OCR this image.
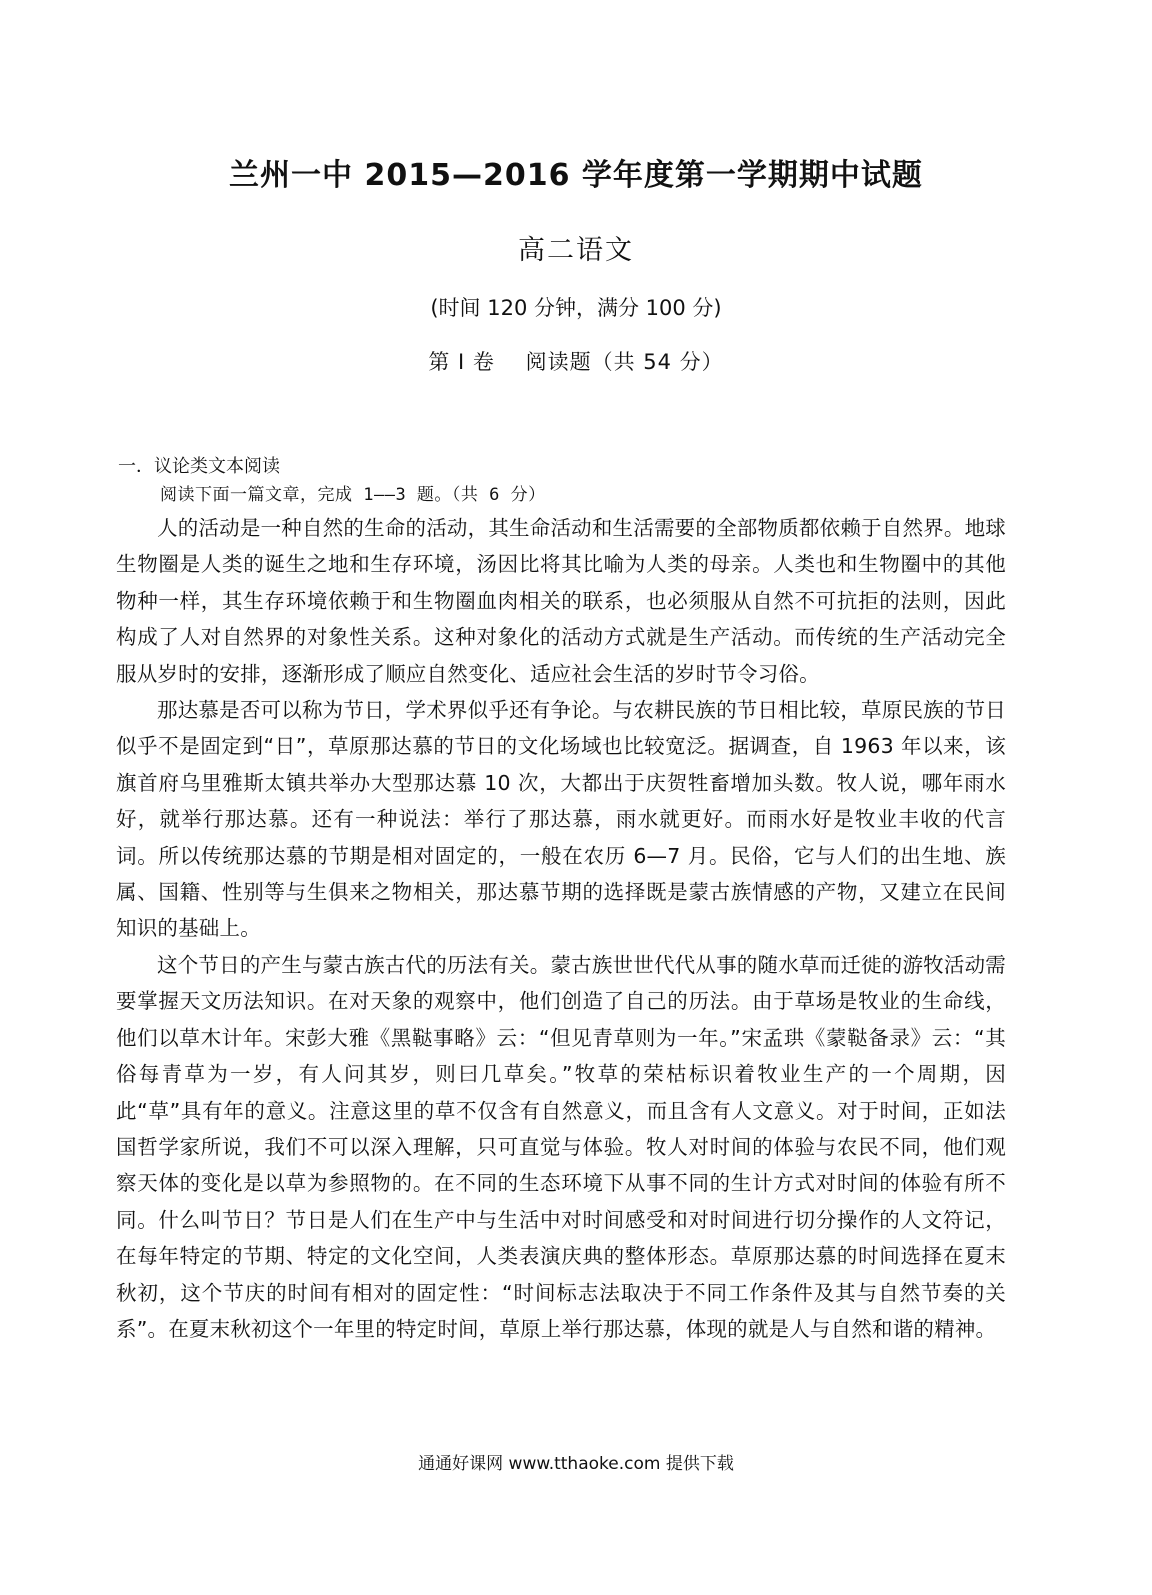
兰州一中 2015—2016 学年度第一学期期中试题
高二语文
(时间 120 分钟，满分 100 分)
第 Ⅰ 卷 阅读题（共 54 分）
一．议论类文本阅读
阅读下面一篇文章，完成 1——3 题。（共 6 分）

人的活动是一种自然的生命的活动，其生命活动和生活需要的全部物质都依赖于自然界。地球生物圈是人类的诞生之地和生存环境，汤因比将其比喻为人类的母亲。人类也和生物圈中的其他物种一样，其生存环境依赖于和生物圈血肉相关的联系，也必须服从自然不可抗拒的法则，因此构成了人对自然界的对象性关系。这种对象化的活动方式就是生产活动。而传统的生产活动完全服从岁时的安排，逐渐形成了顺应自然变化、适应社会生活的岁时节令习俗。

那达慕是否可以称为节日，学术界似乎还有争论。与农耕民族的节日相比较，草原民族的节日似乎不是固定到“日”，草原那达慕的节日的文化场域也比较宽泛。据调查，自 1963 年以来，该旗首府乌里雅斯太镇共举办大型那达慕 10 次，大都出于庆贺牲畜增加头数。牧人说，哪年雨水好，就举行那达慕。还有一种说法：举行了那达慕，雨水就更好。而雨水好是牧业丰收的代言词。所以传统那达慕的节期是相对固定的，一般在农历 6—7 月。民俗，它与人们的出生地、族属、国籍、性别等与生俱来之物相关，那达慕节期的选择既是蒙古族情感的产物，又建立在民间知识的基础上。

这个节日的产生与蒙古族古代的历法有关。蒙古族世世代代从事的随水草而迁徙的游牧活动需要掌握天文历法知识。在对天象的观察中，他们创造了自己的历法。由于草场是牧业的生命线，他们以草木计年。宋彭大雅《黑鞑事略》云：“但见青草则为一年。”宋孟珙《蒙鞑备录》云：“其俗每青草为一岁，有人问其岁，则曰几草矣。”牧草的荣枯标识着牧业生产的一个周期，因此“草”具有年的意义。注意这里的草不仅含有自然意义，而且含有人文意义。对于时间，正如法国哲学家所说，我们不可以深入理解，只可直觉与体验。牧人对时间的体验与农民不同，他们观察天体的变化是以草为参照物的。在不同的生态环境下从事不同的生计方式对时间的体验有所不同。什么叫节日？节日是人们在生产中与生活中对时间感受和对时间进行切分操作的人文符记，在每年特定的节期、特定的文化空间，人类表演庆典的整体形态。草原那达慕的时间选择在夏末秋初，这个节庆的时间有相对的固定性：“时间标志法取决于不同工作条件及其与自然节奏的关系”。在夏末秋初这个一年里的特定时间，草原上举行那达慕，体现的就是人与自然和谐的精神。

通通好课网 www.tthaoke.com 提供下载
